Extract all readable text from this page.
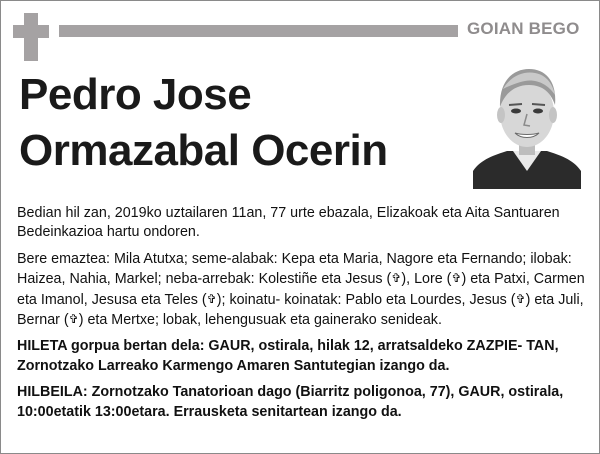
GOIAN BEGO
Pedro Jose
Ormazabal Ocerin

Bedian hil zan, 2019ko uztailaren 11an, 77 urte ebazala, Elizakoak eta Aita Santuaren Bedeinkazioa hartu ondoren.

Bere emaztea: Mila Atutxa; seme-alabak: Kepa eta Maria, Nagore eta Fernando; ilobak: Haizea, Nahia, Markel; neba-arrebak: Kolestiñe eta Jesus (✞), Lore (✞) eta Patxi, Carmen eta Imanol, Jesusa eta Teles (✞); koinatu- koinatak: Pablo eta Lourdes, Jesus (✞) eta Juli, Bernar (✞) eta Mertxe; lobak, lehengusuak eta gainerako senideak.

HILETA gorpua bertan dela: GAUR, ostirala, hilak 12, arratsaldeko ZAZPIE- TAN, Zornotzako Larreako Karmengo Amaren Santutegian izango da.

HILBEILA: Zornotzako Tanatorioan dago (Biarritz poligonoa, 77), GAUR, ostirala, 10:00etatik 13:00etara. Errausketa senitartean izango da.
